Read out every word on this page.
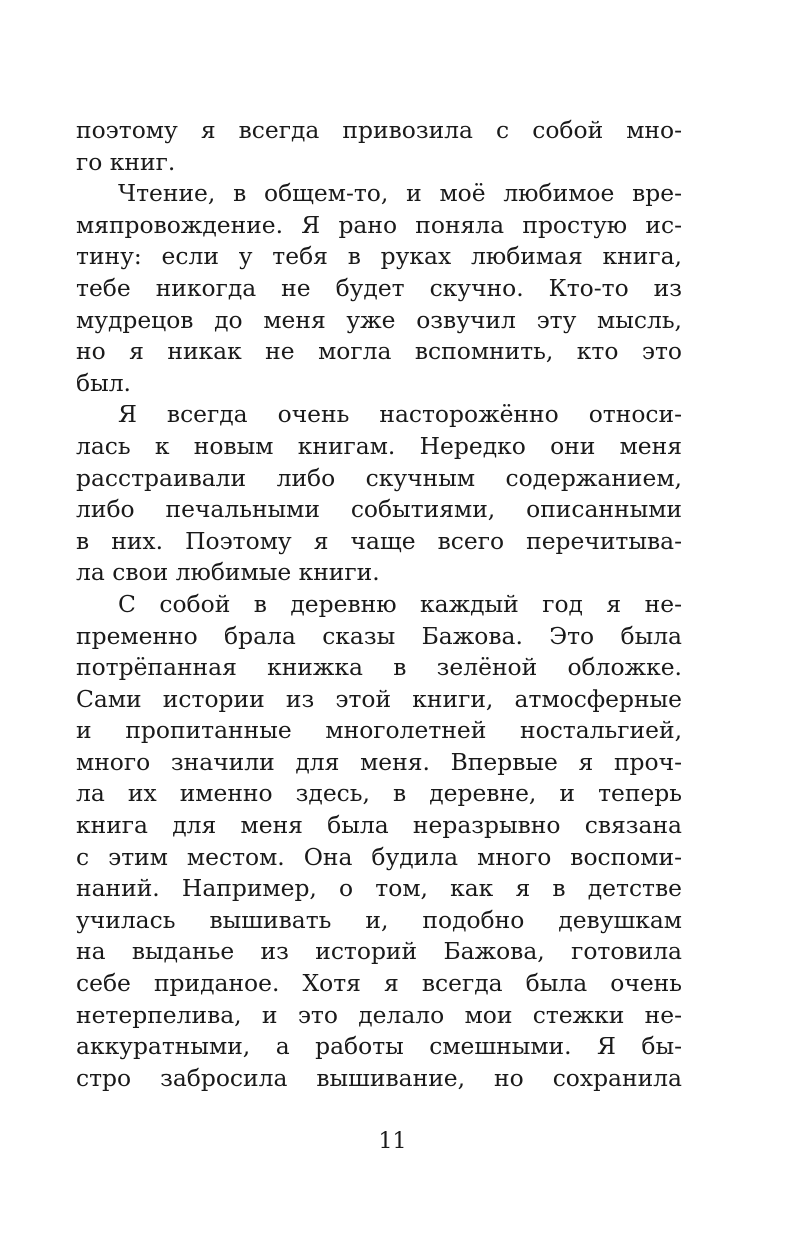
поэтому я всегда привозила с собой мно-
го книг.
Чтение, в общем-то, и моё любимое вре-
мяпровождение. Я рано поняла простую ис-
тину: если у тебя в руках любимая книга,
тебе никогда не будет скучно. Кто-то из
мудрецов до меня уже озвучил эту мысль,
но я никак не могла вспомнить, кто это
был.
Я всегда очень насторожённо относи-
лась к новым книгам. Нередко они меня
расстраивали либо скучным содержанием,
либо печальными событиями, описанными
в них. Поэтому я чаще всего перечитыва-
ла свои любимые книги.
С собой в деревню каждый год я не-
пременно брала сказы Бажова. Это была
потрёпанная книжка в зелёной обложке.
Сами истории из этой книги, атмосферные
и пропитанные многолетней ностальгией,
много значили для меня. Впервые я проч-
ла их именно здесь, в деревне, и теперь
книга для меня была неразрывно связана
с этим местом. Она будила много воспоми-
наний. Например, о том, как я в детстве
училась вышивать и, подобно девушкам
на выданье из историй Бажова, готовила
себе приданое. Хотя я всегда была очень
нетерпелива, и это делало мои стежки не-
аккуратными, а работы смешными. Я бы-
стро забросила вышивание, но сохранила
11
